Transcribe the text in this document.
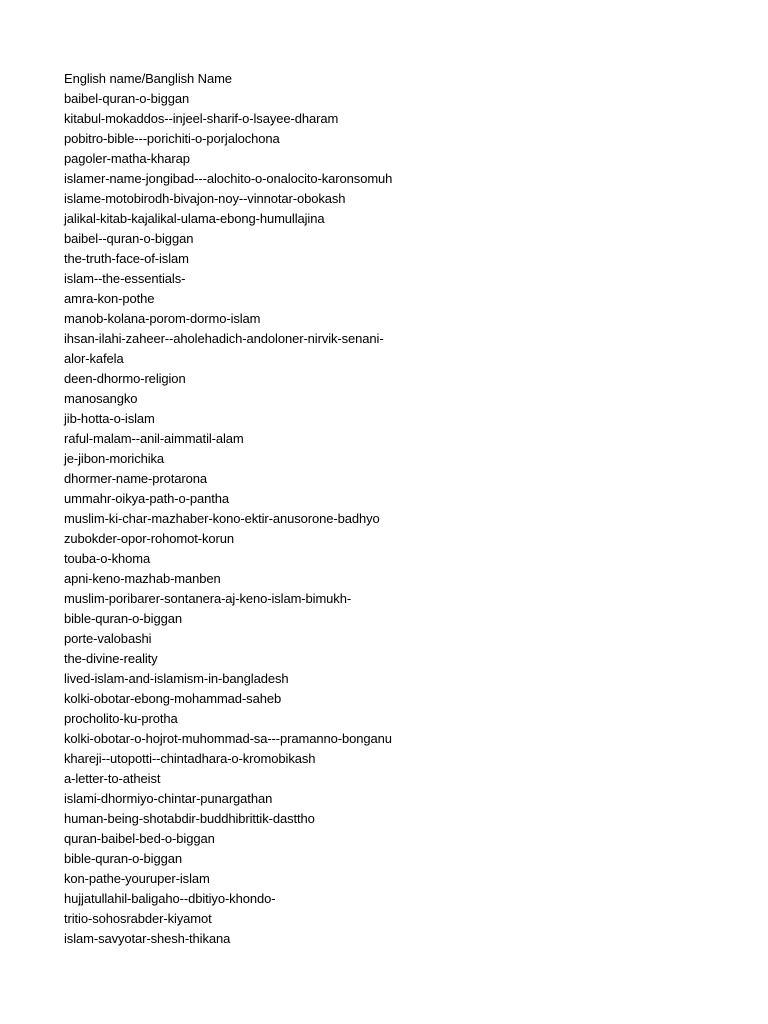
English name/Banglish Name
baibel-quran-o-biggan
kitabul-mokaddos--injeel-sharif-o-lsayee-dharam
pobitro-bible---porichiti-o-porjalochona
pagoler-matha-kharap
islamer-name-jongibad---alochito-o-onalocito-karonsomuh
islame-motobirodh-bivajon-noy--vinnotar-obokash
jalikal-kitab-kajalikal-ulama-ebong-humullajina
baibel--quran-o-biggan
the-truth-face-of-islam
islam--the-essentials-
amra-kon-pothe
manob-kolana-porom-dormo-islam
ihsan-ilahi-zaheer--aholehadich-andoloner-nirvik-senani-
alor-kafela
deen-dhormo-religion
manosangko
jib-hotta-o-islam
raful-malam--anil-aimmatil-alam
je-jibon-morichika
dhormer-name-protarona
ummahr-oikya-path-o-pantha
muslim-ki-char-mazhaber-kono-ektir-anusorone-badhyo
zubokder-opor-rohomot-korun
touba-o-khoma
apni-keno-mazhab-manben
muslim-poribarer-sontanera-aj-keno-islam-bimukh-
bible-quran-o-biggan
porte-valobashi
the-divine-reality
lived-islam-and-islamism-in-bangladesh
kolki-obotar-ebong-mohammad-saheb
procholito-ku-protha
kolki-obotar-o-hojrot-muhommad-sa---pramanno-bonganu
khareji--utopotti--chintadhara-o-kromobikash
a-letter-to-atheist
islami-dhormiyo-chintar-punargathan
human-being-shotabdir-buddhibrittik-dasttho
quran-baibel-bed-o-biggan
bible-quran-o-biggan
kon-pathe-youruper-islam
hujjatullahil-baligaho--dbitiyo-khondo-
tritio-sohosrabder-kiyamot
islam-savyotar-shesh-thikana
